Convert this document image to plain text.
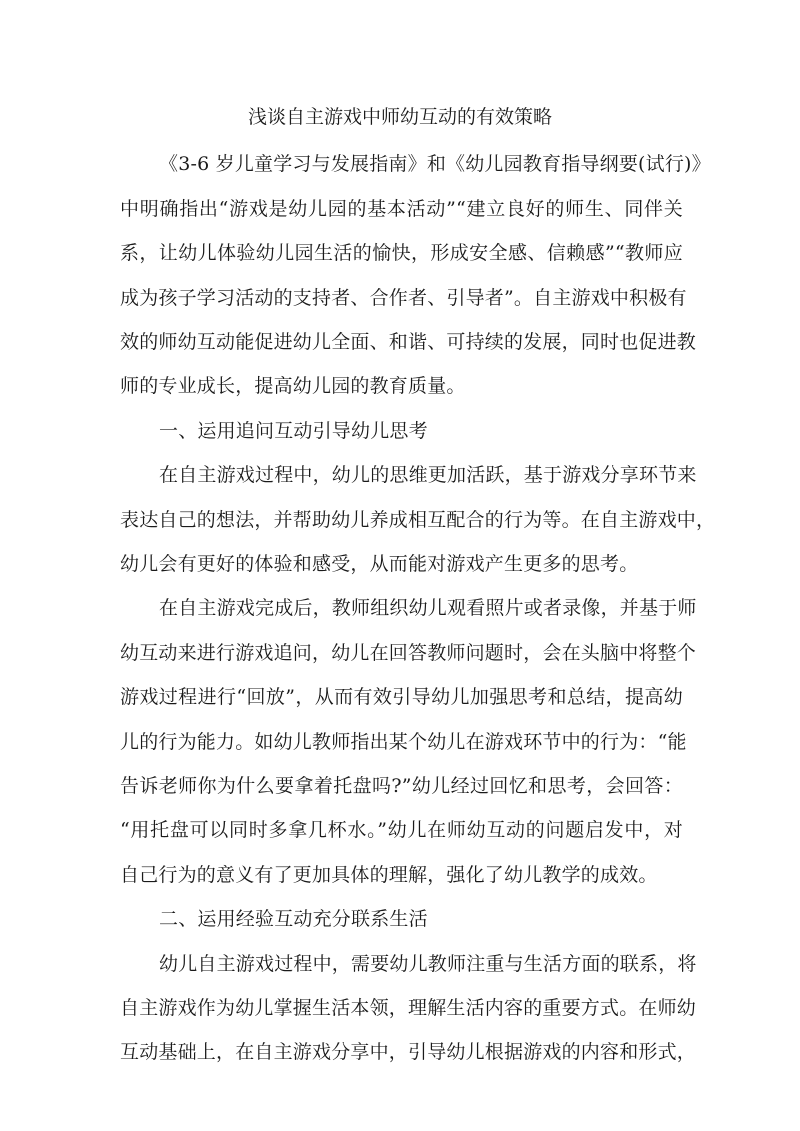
浅谈自主游戏中师幼互动的有效策略

《3-6 岁儿童学习与发展指南》和《幼儿园教育指导纲要(试行)》

中明确指出“游戏是幼儿园的基本活动”“建立良好的师生、同伴关

系，让幼儿体验幼儿园生活的愉快，形成安全感、信赖感”“教师应

成为孩子学习活动的支持者、合作者、引导者”。自主游戏中积极有

效的师幼互动能促进幼儿全面、和谐、可持续的发展，同时也促进教

师的专业成长，提高幼儿园的教育质量。

一、运用追问互动引导幼儿思考

在自主游戏过程中，幼儿的思维更加活跃，基于游戏分享环节来

表达自己的想法，并帮助幼儿养成相互配合的行为等。在自主游戏中，

幼儿会有更好的体验和感受，从而能对游戏产生更多的思考。

在自主游戏完成后，教师组织幼儿观看照片或者录像，并基于师

幼互动来进行游戏追问，幼儿在回答教师问题时，会在头脑中将整个

游戏过程进行“回放”，从而有效引导幼儿加强思考和总结，提高幼

儿的行为能力。如幼儿教师指出某个幼儿在游戏环节中的行为：“能

告诉老师你为什么要拿着托盘吗?”幼儿经过回忆和思考，会回答：

“用托盘可以同时多拿几杯水。”幼儿在师幼互动的问题启发中，对

自己行为的意义有了更加具体的理解，强化了幼儿教学的成效。

二、运用经验互动充分联系生活

幼儿自主游戏过程中，需要幼儿教师注重与生活方面的联系，将

自主游戏作为幼儿掌握生活本领，理解生活内容的重要方式。在师幼

互动基础上，在自主游戏分享中，引导幼儿根据游戏的内容和形式，
